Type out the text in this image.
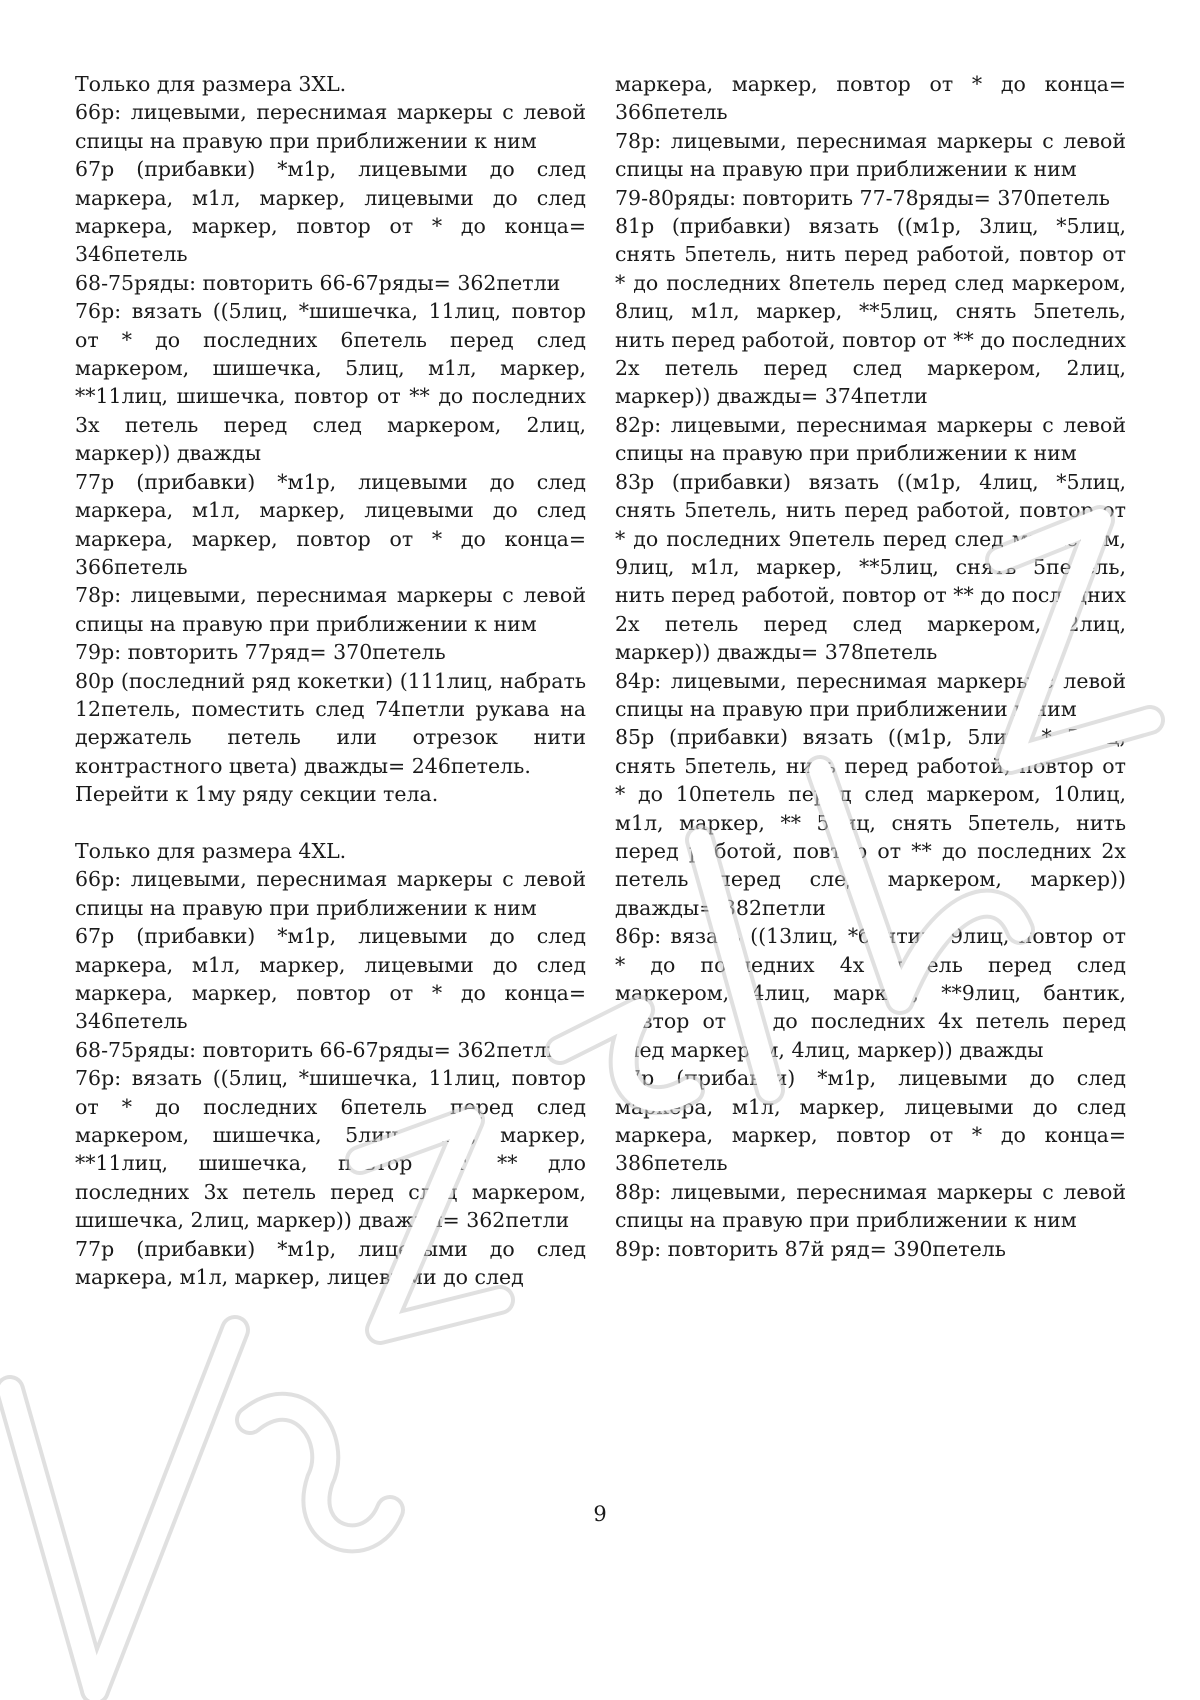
Только для размера 3XL.

66р: лицевыми, переснимая маркеры с левой спицы на правую при приближении к ним

67р (прибавки) *м1р, лицевыми до след маркера, м1л, маркер, лицевыми до след маркера, маркер, повтор от * до конца= 346петель

68-75ряды: повторить 66-67ряды= 362петли

76р: вязать ((5лиц, *шишечка, 11лиц, повтор от * до последних 6петель перед след маркером, шишечка, 5лиц, м1л, маркер, **11лиц, шишечка, повтор от ** до последних 3х петель перед след маркером, 2лиц, маркер)) дважды

77р (прибавки) *м1р, лицевыми до след маркера, м1л, маркер, лицевыми до след маркера, маркер, повтор от * до конца= 366петель

78р: лицевыми, переснимая маркеры с левой спицы на правую при приближении к ним

79р: повторить 77ряд= 370петель

80р (последний ряд кокетки) (111лиц, набрать 12петель, поместить след 74петли рукава на держатель петель или отрезок нити контрастного цвета) дважды= 246петель.

Перейти к 1му ряду секции тела.

Только для размера 4XL.

66р: лицевыми, переснимая маркеры с левой спицы на правую при приближении к ним

67р (прибавки) *м1р, лицевыми до след маркера, м1л, маркер, лицевыми до след маркера, маркер, повтор от * до конца= 346петель

68-75ряды: повторить 66-67ряды= 362петли

76р: вязать ((5лиц, *шишечка, 11лиц, повтор от * до последних 6петель перед след маркером, шишечка, 5лиц, м1л, маркер, **11лиц, шишечка, повтор от ** дло последних 3х петель перед след маркером, шишечка, 2лиц, маркер)) дважды= 362петли

77р (прибавки) *м1р, лицевыми до след маркера, м1л, маркер, лицевыми до след

маркера, маркер, повтор от * до конца= 366петель

78р: лицевыми, переснимая маркеры с левой спицы на правую при приближении к ним

79-80ряды: повторить 77-78ряды= 370петель

81р (прибавки) вязать ((м1р, 3лиц, *5лиц, снять 5петель, нить перед работой, повтор от * до последних 8петель перед след маркером, 8лиц, м1л, маркер, **5лиц, снять 5петель, нить перед работой, повтор от ** до последних 2х петель перед след маркером, 2лиц, маркер)) дважды= 374петли

82р: лицевыми, переснимая маркеры с левой спицы на правую при приближении к ним

83р (прибавки) вязать ((м1р, 4лиц, *5лиц, снять 5петель, нить перед работой, повтор от * до последних 9петель перед след маркером, 9лиц, м1л, маркер, **5лиц, снять 5петель, нить перед работой, повтор от ** до последних 2х петель перед след маркером, 2лиц, маркер)) дважды= 378петель

84р: лицевыми, переснимая маркеры с левой спицы на правую при приближении к ним

85р (прибавки) вязать ((м1р, 5лиц, * 5лиц, снять 5петель, нить перед работой, повтор от * до 10петель перед след маркером, 10лиц, м1л, маркер, ** 5лиц, снять 5петель, нить перед работой, повтор от ** до последних 2х петель перед след маркером, маркер)) дважды= 382петли

86р: вязать ((13лиц, *бантик, 9лиц, повтор от * до последних 4х петель перед след маркером, 4лиц, маркер, **9лиц, бантик, повтор от ** до последних 4х петель перед след маркером, 4лиц, маркер)) дважды

87р (прибавки) *м1р, лицевыми до след маркера, м1л, маркер, лицевыми до след маркера, маркер, повтор от * до конца= 386петель

88р: лицевыми, переснимая маркеры с левой спицы на правую при приближении к ним

89р: повторить 87й ряд= 390петель

9
